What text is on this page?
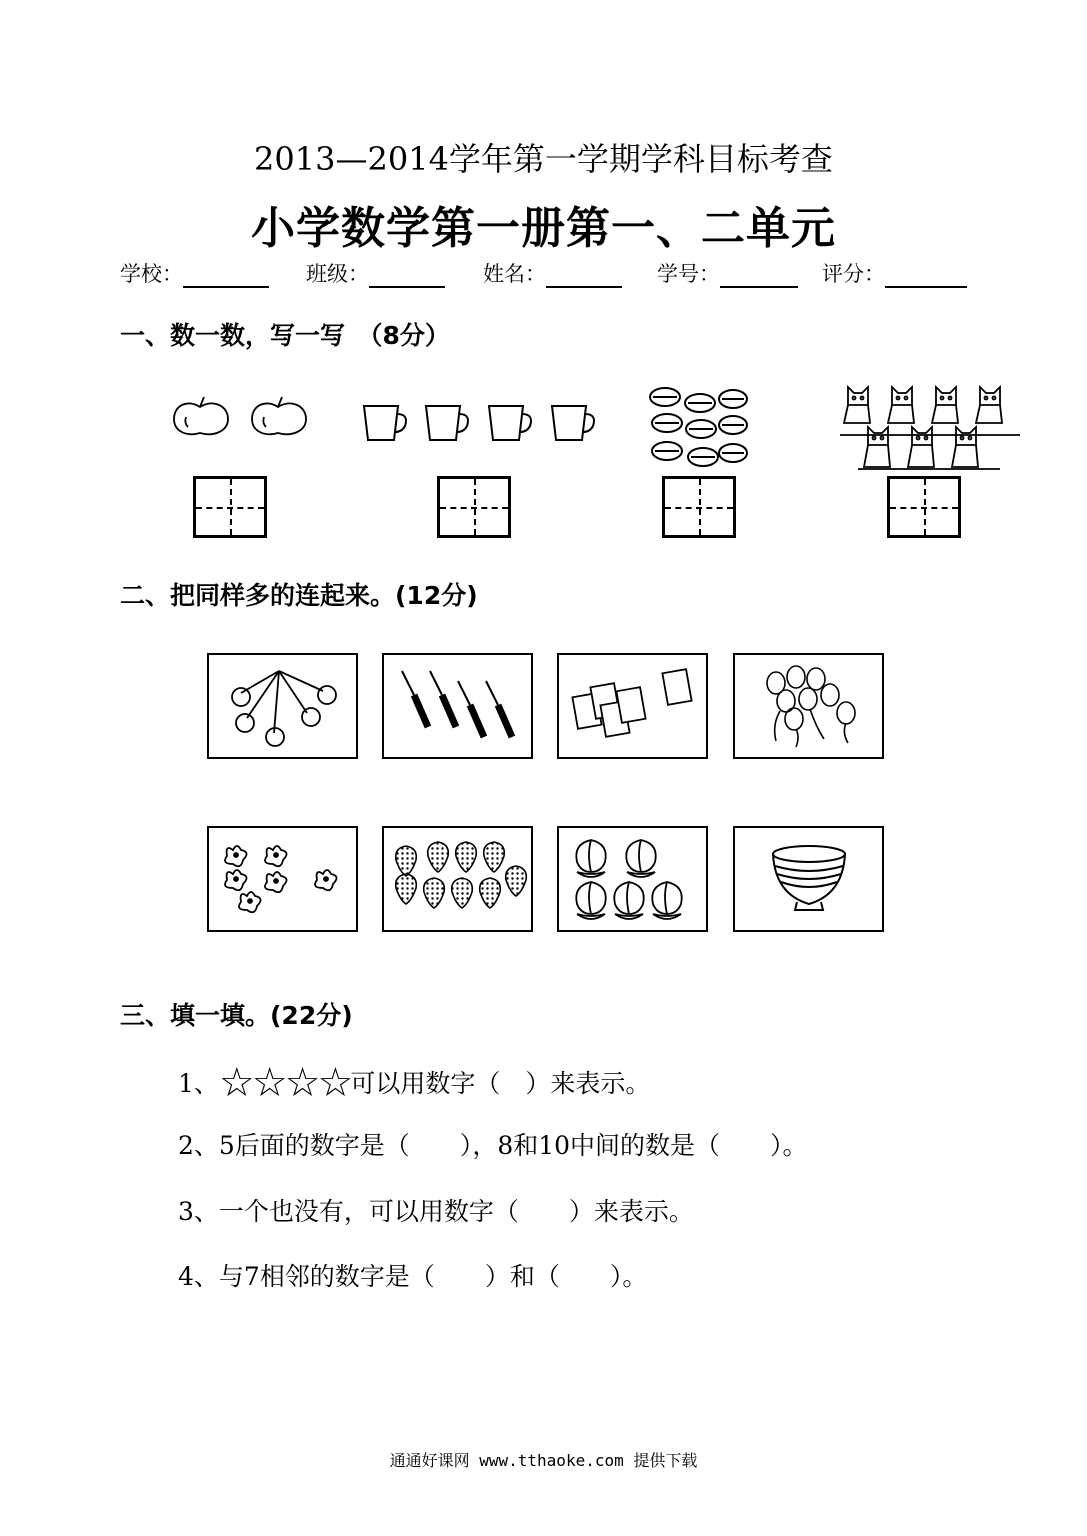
2013—2014学年第一学期学科目标考查
小学数学第一册第一、二单元
学校：	班级：	姓名：	学号：	评分：
一、数一数，写一写　（8分）
二、把同样多的连起来。(12分)
三、填一填。(22分)
1、☆☆☆☆可以用数字（　）来表示。
2、5后面的数字是（　　），8和10中间的数是（　　）。
3、一个也没有，可以用数字（　　）来表示。
4、与7相邻的数字是（　　）和（　　）。
通通好课网 www.tthaoke.com 提供下载
